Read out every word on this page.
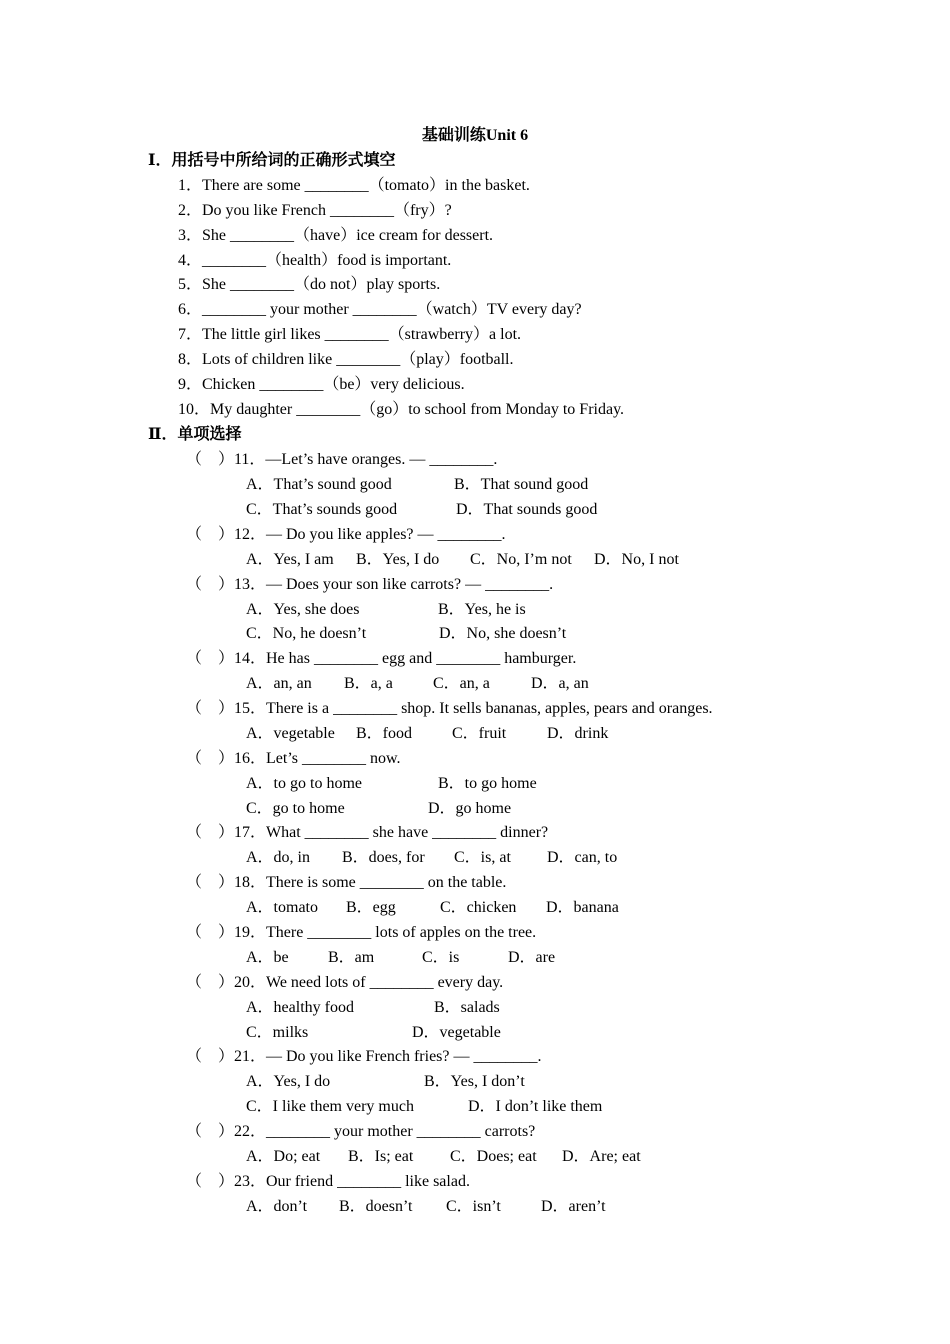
基础训练Unit 6
Ⅰ．用括号中所给词的正确形式填空
1．There are some ________（tomato）in the basket.
2．Do you like French ________（fry）?
3．She ________（have）ice cream for dessert.
4．________（health）food is important.
5．She ________（do not）play sports.
6．________ your mother ________（watch）TV every day?
7．The little girl likes ________（strawberry）a lot.
8．Lots of children like ________（play）football.
9．Chicken ________（be）very delicious.
10．My daughter ________（go）to school from Monday to Friday.
Ⅱ．单项选择
（　）11．—Let’s have oranges. — ________.
A．That’s sound good	B．That sound good
C．That’s sounds good	D．That sounds good
（　）12．— Do you like apples? — ________.
A．Yes, I am B．Yes, I do C．No, I’m not D．No, I not
（　）13．— Does your son like carrots? — ________.
A．Yes, she does	B．Yes, he is
C．No, he doesn’t	D．No, she doesn’t
（　）14．He has ________ egg and ________ hamburger.
A．an, an B．a, a	C．an, a	D．a, an
（　）15．There is a ________ shop. It sells bananas, apples, pears and oranges.
A．vegetable B．food C．fruit	D．drink
（　）16．Let’s ________ now.
A．to go to home	B．to go home
C．go to home	D．go home
（　）17．What ________ she have ________ dinner?
A．do, in B．does, for C．is, at D．can, to
（　）18．There is some ________ on the table.
A．tomato B．egg	C．chicken D．banana
（　）19．There ________ lots of apples on the tree.
A．be B．am	C．is	D．are
（　）20．We need lots of ________ every day.
A．healthy food	B．salads
C．milks	D．vegetable
（　）21．— Do you like French fries? — ________.
A．Yes, I do	B．Yes, I don’t
C．I like them very much	D．I don’t like them
（　）22．________ your mother ________ carrots?
A．Do; eat B．Is; eat C．Does; eat D．Are; eat
（　）23．Our friend ________ like salad.
A．don’t B．doesn’t C．isn’t	D．aren’t
